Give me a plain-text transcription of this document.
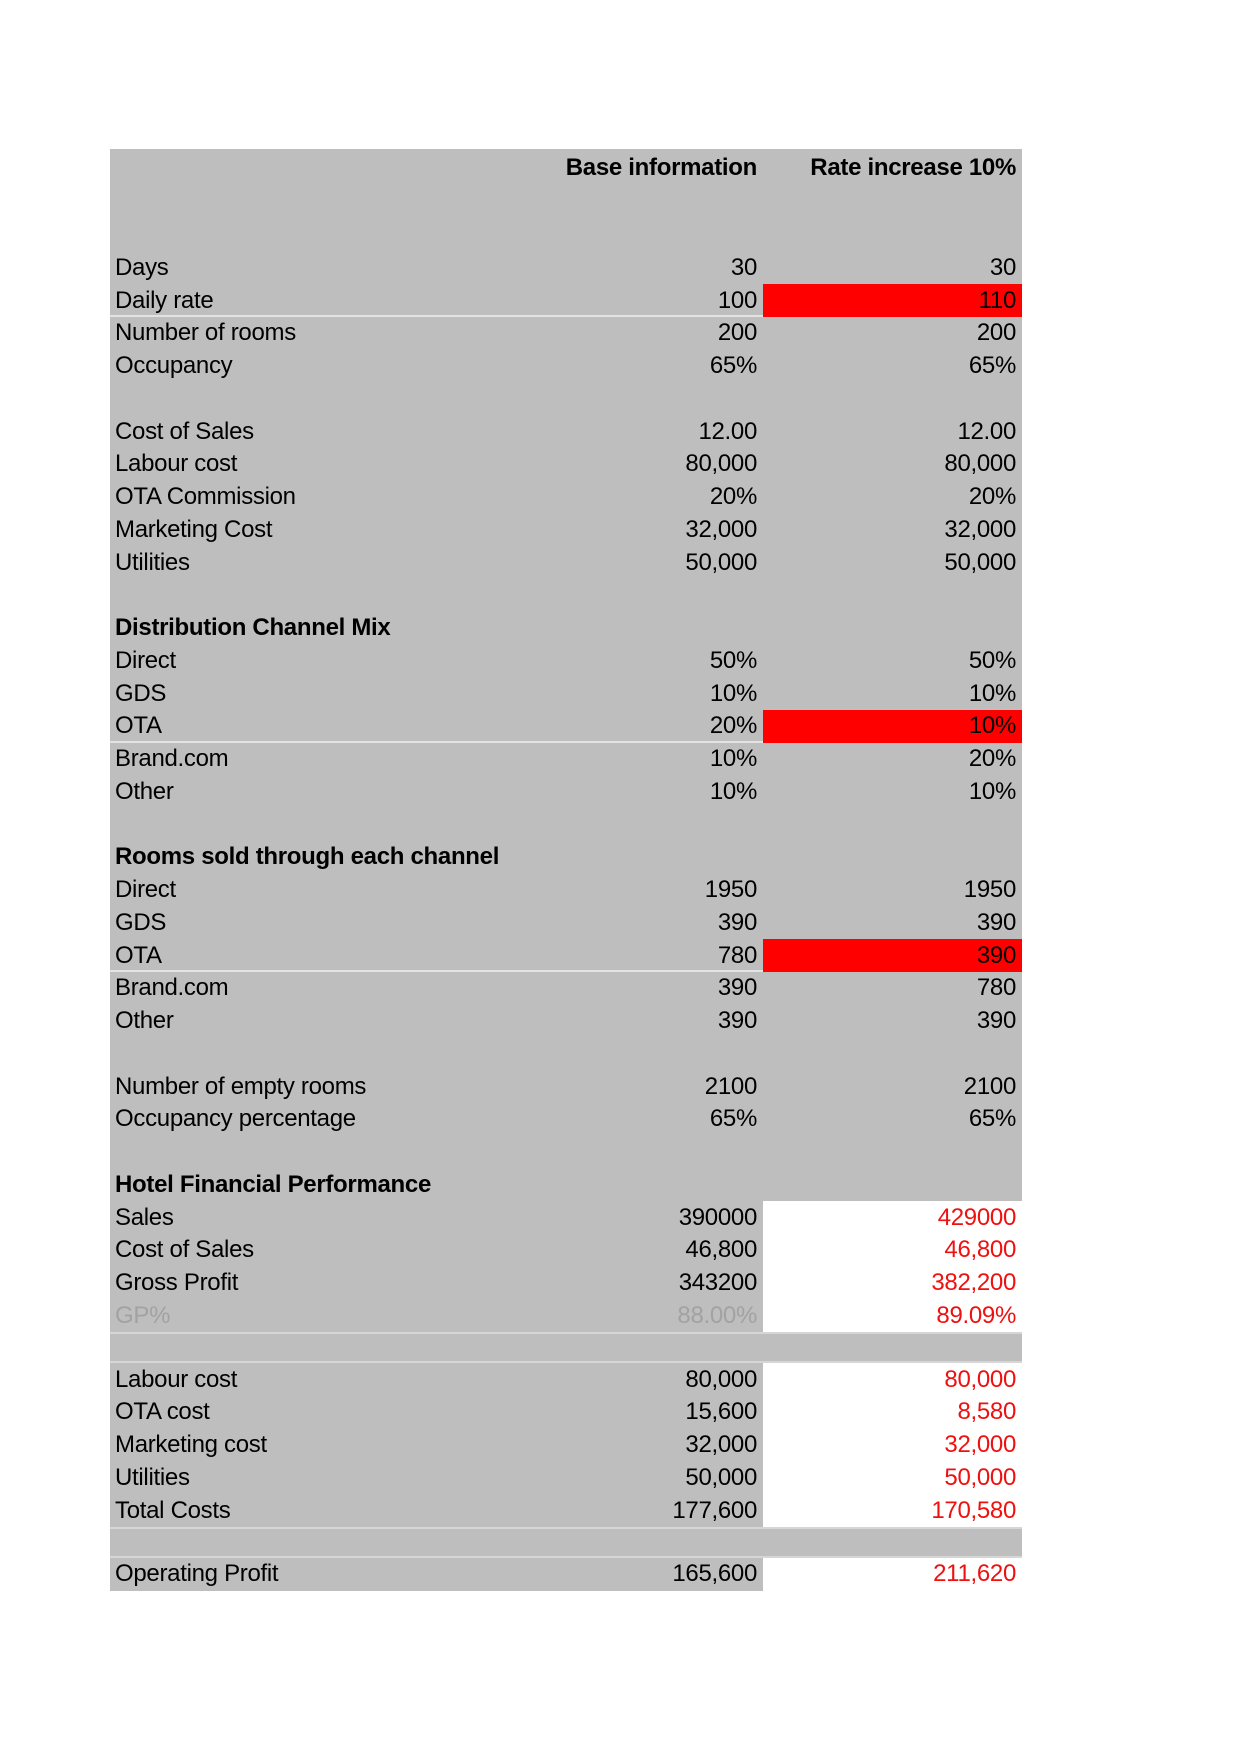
Base information	Rate increase 10%
Days	30	30
Daily rate	100	110
Number of rooms	200	200
Occupancy	65%	65%
Cost of Sales	12.00	12.00
Labour cost	80,000	80,000
OTA Commission	20%	20%
Marketing Cost	32,000	32,000
Utilities	50,000	50,000
Distribution Channel Mix
Direct	50%	50%
GDS	10%	10%
OTA	20%	10%
Brand.com	10%	20%
Other	10%	10%
Rooms sold through each channel
Direct	1950	1950
GDS	390	390
OTA	780	390
Brand.com	390	780
Other	390	390
Number of empty rooms	2100	2100
Occupancy percentage	65%	65%
Hotel Financial Performance
Sales	390000	429000
Cost of Sales	46,800	46,800
Gross Profit	343200	382,200
GP%	88.00%	89.09%
Labour cost	80,000	80,000
OTA cost	15,600	8,580
Marketing cost	32,000	32,000
Utilities	50,000	50,000
Total Costs	177,600	170,580
Operating Profit	165,600	211,620
